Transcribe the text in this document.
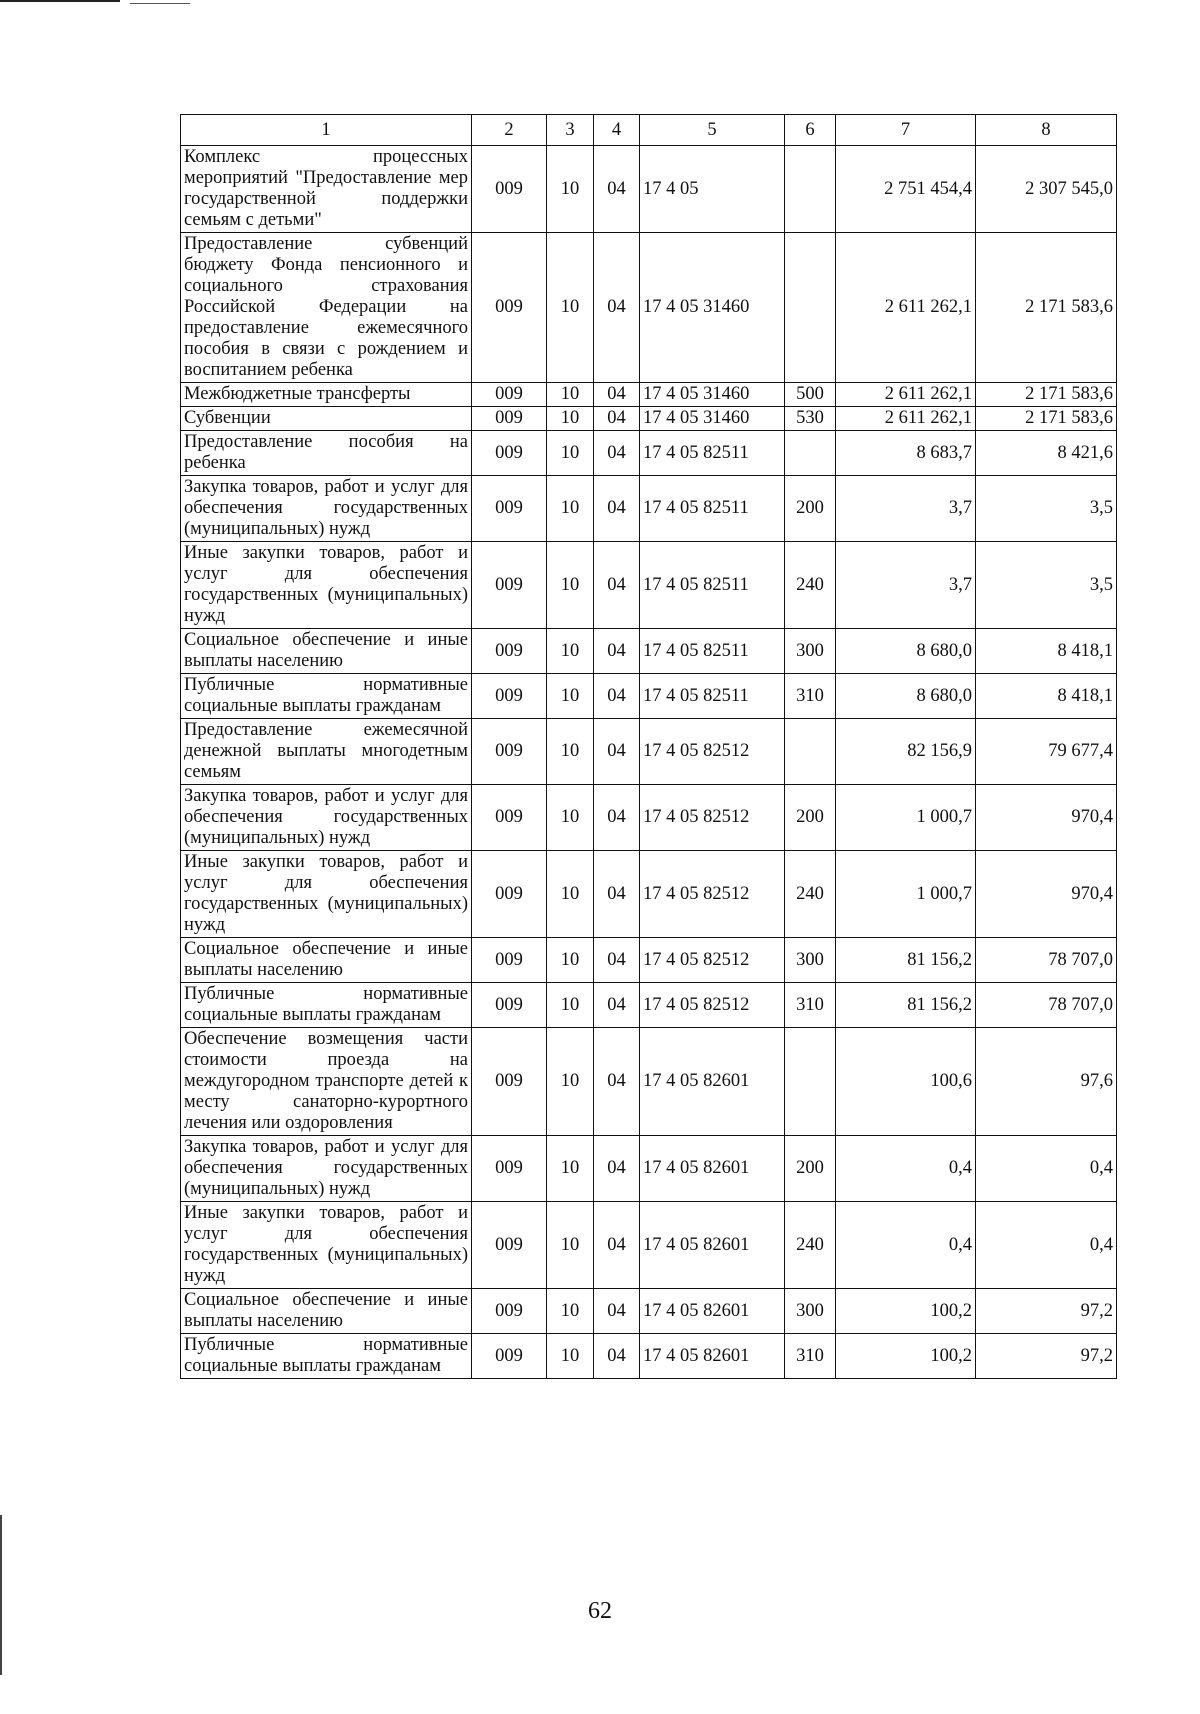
1	2	3	4	5	6	7	8
Комплекс процессных мероприятий "Предоставление мер государственной поддержки семьям с детьми"	009	10	04	17 4 05		2 751 454,4	2 307 545,0
Предоставление субвенций бюджету Фонда пенсионного и социального страхования Российской Федерации на предоставление ежемесячного пособия в связи с рождением и воспитанием ребенка	009	10	04	17 4 05 31460		2 611 262,1	2 171 583,6
Межбюджетные трансферты	009	10	04	17 4 05 31460	500	2 611 262,1	2 171 583,6
Субвенции	009	10	04	17 4 05 31460	530	2 611 262,1	2 171 583,6
Предоставление пособия на ребенка	009	10	04	17 4 05 82511		8 683,7	8 421,6
Закупка товаров, работ и услуг для обеспечения государственных (муниципальных) нужд	009	10	04	17 4 05 82511	200	3,7	3,5
Иные закупки товаров, работ и услуг для обеспечения государственных (муниципальных) нужд	009	10	04	17 4 05 82511	240	3,7	3,5
Социальное обеспечение и иные выплаты населению	009	10	04	17 4 05 82511	300	8 680,0	8 418,1
Публичные нормативные социальные выплаты гражданам	009	10	04	17 4 05 82511	310	8 680,0	8 418,1
Предоставление ежемесячной денежной выплаты многодетным семьям	009	10	04	17 4 05 82512		82 156,9	79 677,4
Закупка товаров, работ и услуг для обеспечения государственных (муниципальных) нужд	009	10	04	17 4 05 82512	200	1 000,7	970,4
Иные закупки товаров, работ и услуг для обеспечения государственных (муниципальных) нужд	009	10	04	17 4 05 82512	240	1 000,7	970,4
Социальное обеспечение и иные выплаты населению	009	10	04	17 4 05 82512	300	81 156,2	78 707,0
Публичные нормативные социальные выплаты гражданам	009	10	04	17 4 05 82512	310	81 156,2	78 707,0
Обеспечение возмещения части стоимости проезда на междугородном транспорте детей к месту санаторно-курортного лечения или оздоровления	009	10	04	17 4 05 82601		100,6	97,6
Закупка товаров, работ и услуг для обеспечения государственных (муниципальных) нужд	009	10	04	17 4 05 82601	200	0,4	0,4
Иные закупки товаров, работ и услуг для обеспечения государственных (муниципальных) нужд	009	10	04	17 4 05 82601	240	0,4	0,4
Социальное обеспечение и иные выплаты населению	009	10	04	17 4 05 82601	300	100,2	97,2
Публичные нормативные социальные выплаты гражданам	009	10	04	17 4 05 82601	310	100,2	97,2
62
